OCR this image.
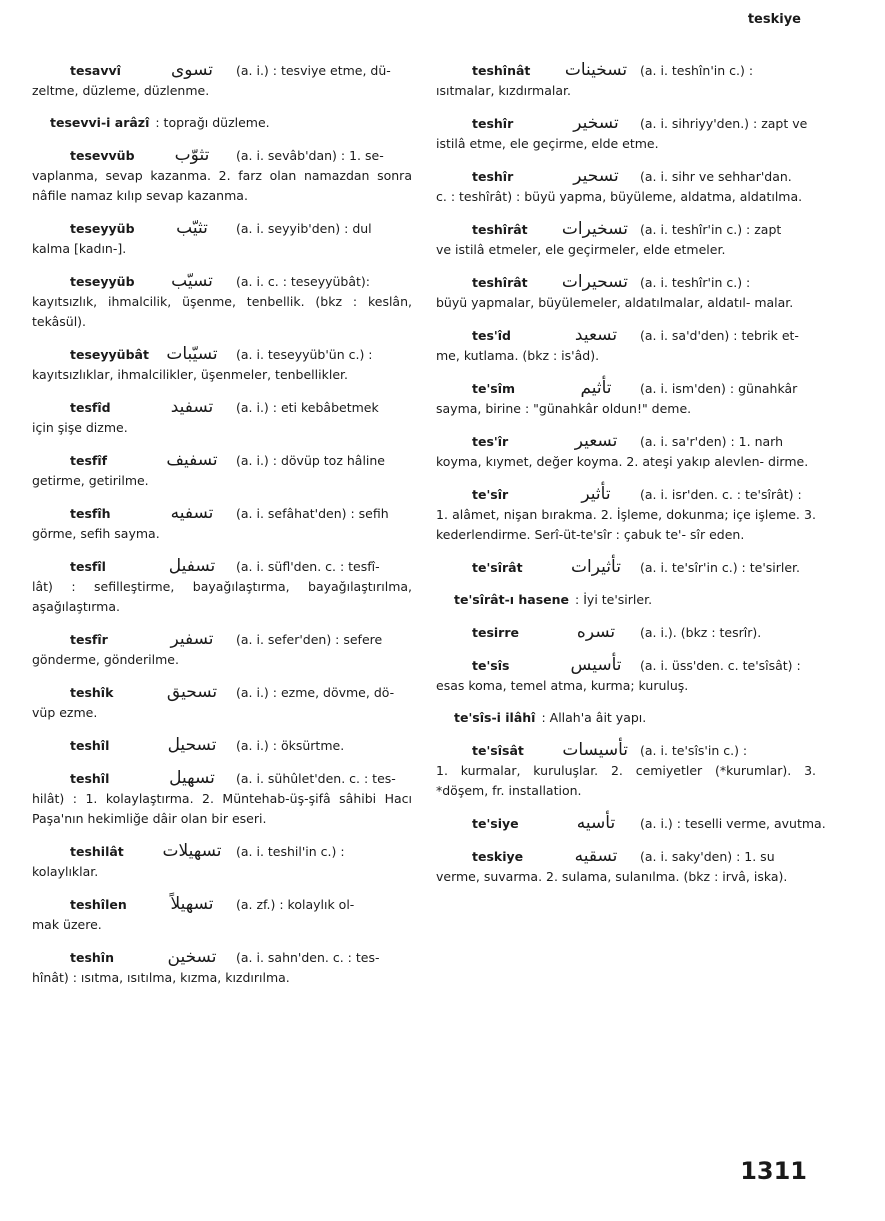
teskiye
tesavvî	تسوى	(a. i.) : tesviye etme, dü-
zeltme, düzleme, düzlenme.
tesevvi-i arâzî : toprağı düzleme.
tesevvüb	تثوّب	(a. i. sevâb'dan) : 1. se-
vaplanma, sevap kazanma. 2. farz olan namazdan sonra nâfile namaz kılıp sevap kazanma.
teseyyüb	تثيّب	(a. i. seyyib'den) : dul
kalma [kadın-].
teseyyüb	تسيّب	(a. i. c. : teseyyübât):
kayıtsızlık, ihmalcilik, üşenme, tenbellik. (bkz : keslân, tekâsül).
teseyyübât	تسيّبات	(a. i. teseyyüb'ün c.) :
kayıtsızlıklar, ihmalcilikler, üşenmeler, tenbellikler.
tesfîd	تسفيد	(a. i.) : eti kebâbetmek
için şişe dizme.
tesfîf	تسفيف	(a. i.) : dövüp toz hâline
getirme, getirilme.
tesfîh	تسفيه	(a. i. sefâhat'den) : sefih
görme, sefih sayma.
tesfîl	تسفيل	(a. i. süfl'den. c. : tesfî-
lât) : sefilleştirme, bayağılaştırma, bayağılaştırılma, aşağılaştırma.
tesfîr	تسفير	(a. i. sefer'den) : sefere
gönderme, gönderilme.
teshîk	تسحيق	(a. i.) : ezme, dövme, dö-
vüp ezme.
teshîl	تسحيل	(a. i.) : öksürtme.
teshîl	تسهيل	(a. i. sühûlet'den. c. : tes-
hilât) : 1. kolaylaştırma. 2. Müntehab-üş-şifâ sâhibi Hacı Paşa'nın hekimliğe dâir olan bir eseri.
teshilât	تسهيلات	(a. i. teshil'in c.) :
kolaylıklar.
teshîlen	تسهيلاً	(a. zf.) : kolaylık ol-
mak üzere.
teshîn	تسخين	(a. i. sahn'den. c. : tes-
hînât) : ısıtma, ısıtılma, kızma, kızdırılma.
teshînât	تسخينات	(a. i. teshîn'in c.) :
ısıtmalar, kızdırmalar.
teshîr	تسخير	(a. i. sihriyy'den.) : zapt ve
istilâ etme, ele geçirme, elde etme.
teshîr	تسحير	(a. i. sihr ve sehhar'dan.
c. : teshîrât) : büyü yapma, büyüleme, aldatma, aldatılma.
teshîrât	تسخيرات (a. i. teshîr'in c.) : zapt
ve istilâ etmeler, ele geçirmeler, elde etmeler.
teshîrât	تسحيرات (a. i. teshîr'in c.) :
büyü yapmalar, büyülemeler, aldatılmalar, aldatıl- malar.
tes'îd	تسعيد	(a. i. sa'd'den) : tebrik et-
me, kutlama. (bkz : is'âd).
te'sîm	تأثيم	(a. i. ism'den) : günahkâr
sayma, birine : "günahkâr oldun!" deme.
tes'îr	تسعير	(a. i. sa'r'den) : 1. narh
koyma, kıymet, değer koyma. 2. ateşi yakıp alevlen- dirme.
te'sîr	تأثير	(a. i. isr'den. c. : te'sîrât) :
1. alâmet, nişan bırakma. 2. İşleme, dokunma; içe işleme. 3. kederlendirme. Serî-üt-te'sîr : çabuk te'- sîr eden.
te'sîrât	تأثيرات	(a. i. te'sîr'in c.) : te'sirler.
te'sîrât-ı hasene : İyi te'sirler.
tesirre	تسره	(a. i.). (bkz : tesrîr).
te'sîs	تأسيس	(a. i. üss'den. c. te'sîsât) :
esas koma, temel atma, kurma; kuruluş.
te'sîs-i ilâhî : Allah'a âit yapı.
te'sîsât	تأسيسات (a. i. te'sîs'in c.) :
1. kurmalar, kuruluşlar. 2. cemiyetler (*kurumlar). 3. *döşem, fr. installation.
te'siye	تأسيه	(a. i.) : teselli verme, avutma.
teskiye	تسقيه	(a. i. saky'den) : 1. su
verme, suvarma. 2. sulama, sulanılma. (bkz : irvâ, iska).
1311
